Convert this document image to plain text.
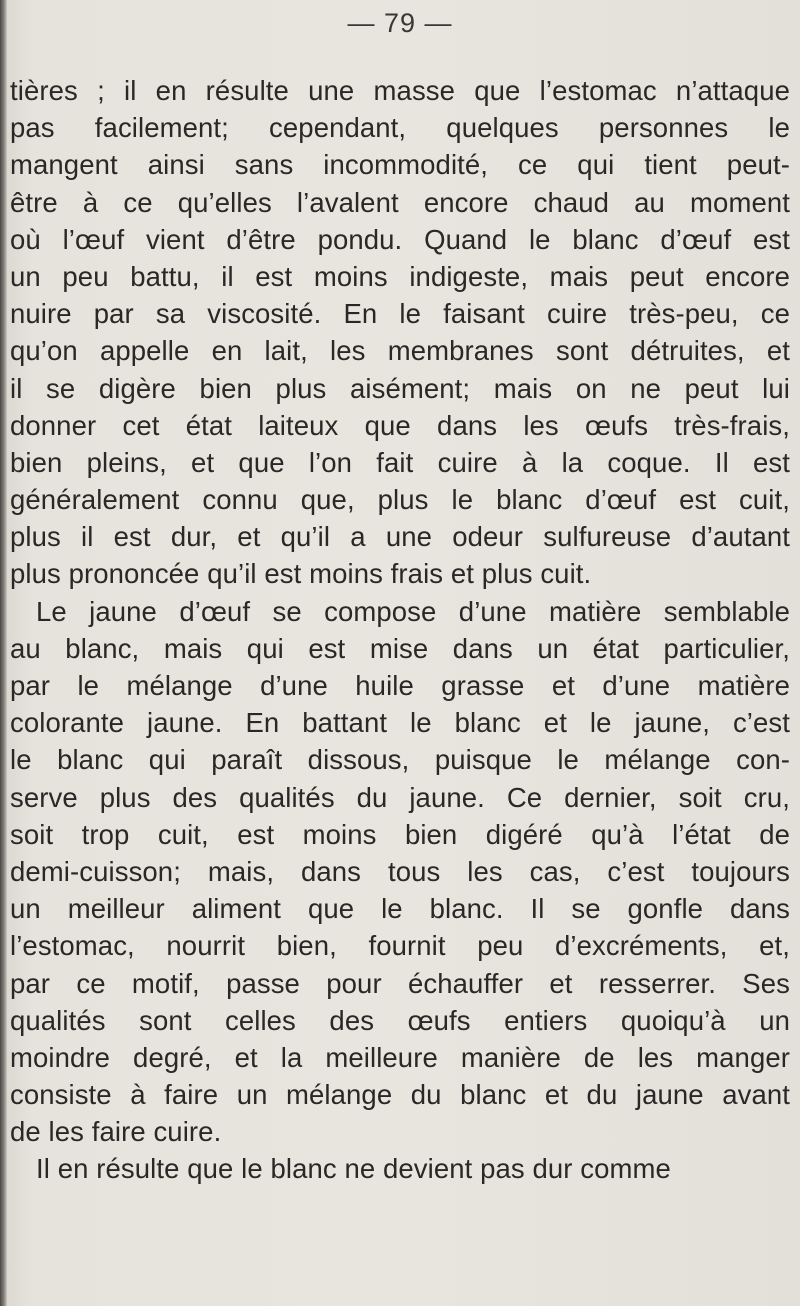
— 79 —
tières ; il en résulte une masse que l’estomac n’attaque
pas facilement; cependant, quelques personnes le
mangent ainsi sans incommodité, ce qui tient peut-
être à ce qu’elles l’avalent encore chaud au moment
où l’œuf vient d’être pondu. Quand le blanc d’œuf est
un peu battu, il est moins indigeste, mais peut encore
nuire par sa viscosité. En le faisant cuire très-peu, ce
qu’on appelle en lait, les membranes sont détruites, et
il se digère bien plus aisément; mais on ne peut lui
donner cet état laiteux que dans les œufs très-frais,
bien pleins, et que l’on fait cuire à la coque. Il est
généralement connu que, plus le blanc d’œuf est cuit,
plus il est dur, et qu’il a une odeur sulfureuse d’autant
plus prononcée qu’il est moins frais et plus cuit.
Le jaune d’œuf se compose d’une matière semblable
au blanc, mais qui est mise dans un état particulier,
par le mélange d’une huile grasse et d’une matière
colorante jaune. En battant le blanc et le jaune, c’est
le blanc qui paraît dissous, puisque le mélange con-
serve plus des qualités du jaune. Ce dernier, soit cru,
soit trop cuit, est moins bien digéré qu’à l’état de
demi-cuisson; mais, dans tous les cas, c’est toujours
un meilleur aliment que le blanc. Il se gonfle dans
l’estomac, nourrit bien, fournit peu d’excréments, et,
par ce motif, passe pour échauffer et resserrer. Ses
qualités sont celles des œufs entiers quoiqu’à un
moindre degré, et la meilleure manière de les manger
consiste à faire un mélange du blanc et du jaune avant
de les faire cuire.
Il en résulte que le blanc ne devient pas dur comme
